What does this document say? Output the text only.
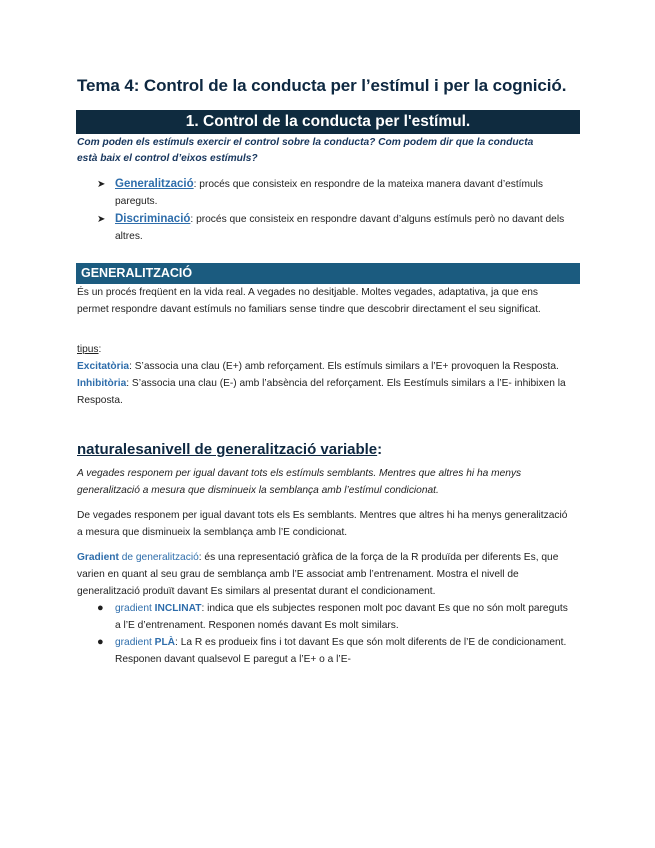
Tema 4: Control de la conducta per l’estímul i per la cognició.
1. Control de la conducta per l'estímul.
Com poden els estímuls exercir el control sobre la conducta? Com podem dir que la conducta està baix el control d’eixos estímuls?
➤ Generalització: procés que consisteix en respondre de la mateixa manera davant d’estímuls pareguts.
➤ Discriminació: procés que consisteix en respondre davant d’alguns estímuls però no davant dels altres.
GENERALITZACIÓ
És un procés freqüent en la vida real. A vegades no desitjable. Moltes vegades, adaptativa, ja que ens permet respondre davant estímuls no familiars sense tindre que descobrir directament el seu significat.
tipus:
Excitatòria: S’associa una clau (E+) amb reforçament. Els estímuls similars a l’E+ provoquen la Resposta.
Inhibitòria: S’associa una clau (E-) amb l’absència del reforçament. Els Eestímuls similars a l’E- inhibixen la Resposta.
naturalesanivell de generalització variable:
A vegades responem per igual davant tots els estímuls semblants. Mentres que altres hi ha menys generalització a mesura que disminueix la semblança amb l’estímul condicionat.
De vegades responem per igual davant tots els Es semblants. Mentres que altres hi ha menys generalització a mesura que disminueix la semblança amb l’E condicionat.
Gradient de generalització: és una representació gràfica de la força de la R produïda per diferents Es, que varien en quant al seu grau de semblança amb l’E associat amb l’entrenament. Mostra el nivell de generalització produït davant Es similars al presentat durant el condicionament.
● gradient INCLINAT: indica que els subjectes responen molt poc davant Es que no són molt pareguts a l’E d’entrenament. Responen només davant Es molt similars.
● gradient PLÀ: La R es produeix fins i tot davant Es que són molt diferents de l’E de condicionament. Responen davant qualsevol E paregut a l’E+ o a l’E-
